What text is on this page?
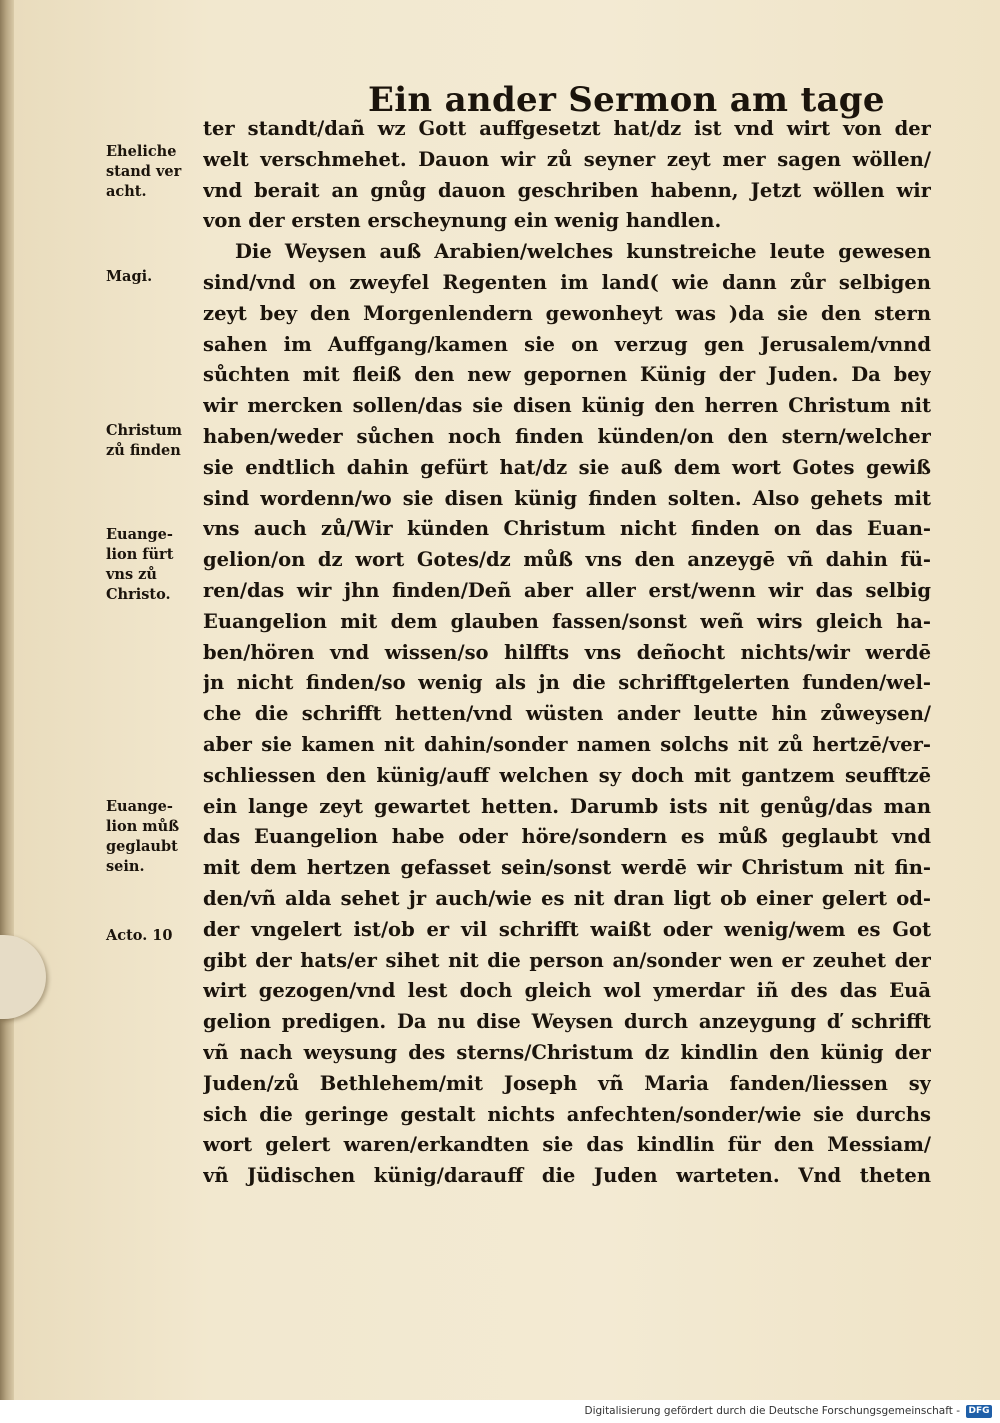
Ein ander Sermon am tage

ter standt/dañ wz Gott auffgesetzt hat/dz ist vnd wirt von der

welt verschmehet. Dauon wir zů seyner zeyt mer sagen wöllen/

vnd berait an gnůg dauon geschriben habenn, Jetzt wöllen wir

von der ersten erscheynung ein wenig handlen.

Die Weysen auß Arabien/welches kunstreiche leute gewesen

sind/vnd on zweyfel Regenten im land( wie dann zůr selbigen

zeyt bey den Morgenlendern gewonheyt was )da sie den stern

sahen im Auffgang/kamen sie on verzug gen Jerusalem/vnnd

sůchten mit fleiß den new gepornen Künig der Juden. Da bey

wir mercken sollen/das sie disen künig den herren Christum nit

haben/weder sůchen noch finden künden/on den stern/welcher

sie endtlich dahin gefürt hat/dz sie auß dem wort Gotes gewiß

sind wordenn/wo sie disen künig finden solten. Also gehets mit

vns auch zů/Wir künden Christum nicht finden on das Euan-

gelion/on dz wort Gotes/dz můß vns den anzeygē vñ dahin fü-

ren/das wir jhn finden/Deñ aber aller erst/wenn wir das selbig

Euangelion mit dem glauben fassen/sonst weñ wirs gleich ha-

ben/hören vnd wissen/so hilffts vns deñocht nichts/wir werdē

jn nicht finden/so wenig als jn die schrifftgelerten funden/wel-

che die schrifft hetten/vnd wüsten ander leutte hin zůweysen/

aber sie kamen nit dahin/sonder namen solchs nit zů hertzē/ver-

schliessen den künig/auff welchen sy doch mit gantzem seufftzē

ein lange zeyt gewartet hetten. Darumb ists nit genůg/das man

das Euangelion habe oder höre/sondern es můß geglaubt vnd

mit dem hertzen gefasset sein/sonst werdē wir Christum nit fin-

den/vñ alda sehet jr auch/wie es nit dran ligt ob einer gelert od-

der vngelert ist/ob er vil schrifft waißt oder wenig/wem es Got

gibt der hats/er sihet nit die person an/sonder wen er zeuhet der

wirt gezogen/vnd lest doch gleich wol ymerdar iñ des das Euā

gelion predigen. Da nu dise Weysen durch anzeygung ď schrifft

vñ nach weysung des sterns/Christum dz kindlin den künig der

Juden/zů Bethlehem/mit Joseph vñ Maria fanden/liessen sy

sich die geringe gestalt nichts anfechten/sonder/wie sie durchs

wort gelert waren/erkandten sie das kindlin für den Messiam/

vñ Jüdischen künig/darauff die Juden warteten. Vnd theten

Eheliche
stand ver
acht.
Magi.
Christum
zů finden
Euange-
lion fürt
vns zů
Christo.
Euange-
lion můß
geglaubt
sein.
Acto. 10
Digitalisierung gefördert durch die Deutsche Forschungsgemeinschaft - DFG
